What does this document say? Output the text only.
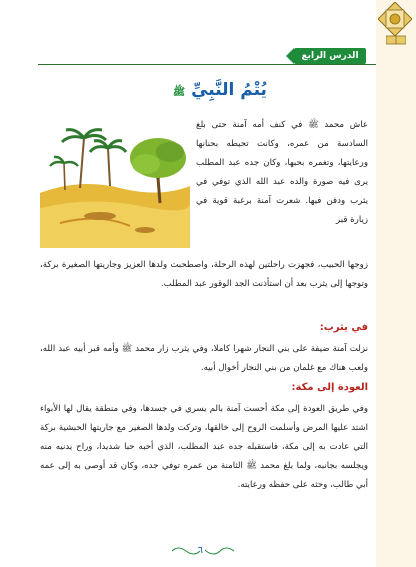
الدرس الرابع
يُتْمُ النَّبِيِّ ﷺ

عاش محمد ﷺ في كنف أمه آمنة حتى بلغ السادسة من عمره، وكانت تحيطه بحنانها ورعايتها، وتغمره بحبها، وكان جده عبد المطلب يرى فيه صورة والده عبد الله الذي توفي في يثرب ودفن فيها. شعرت آمنة برغبة قوية في زيارة قبر

زوجها الحبيب، فجهزت راحلتين لهذه الرحلة، واصطحبت ولدها العزيز وجاريتها الصغيرة بركة، وتوجها إلى يثرب بعد أن استأذنت الجد الوقور عبد المطلب.

في يثرب:

نزلت آمنة ضيفة على بني النجار شهرا كاملا، وفي يثرب زار محمد ﷺ وأمه قبر أبيه عبد الله، ولعب هناك مع غلمان من بني النجار أخوال أبيه.

العودة إلى مكة:

وفي طريق العودة إلى مكة أحست آمنة بالم يسري في جسدها، وفي منطقة يقال لها الأبواء اشتد عليها المرض وأسلمت الروح إلى خالقها، وتركت ولدها الصغير مع جاريتها الحبشية بركة التي عادت به إلى مكة، فاستقبله جده عبد المطلب، الذي أحبه حبا شديدا، وراح يدنيه منه ويجلسه بجانبه، ولما بلغ محمد ﷺ الثامنة من عمره توفي جده، وكان قد أوصى به إلى عمه أبي طالب، وحثه على حفظه ورعايته.

٦٠
